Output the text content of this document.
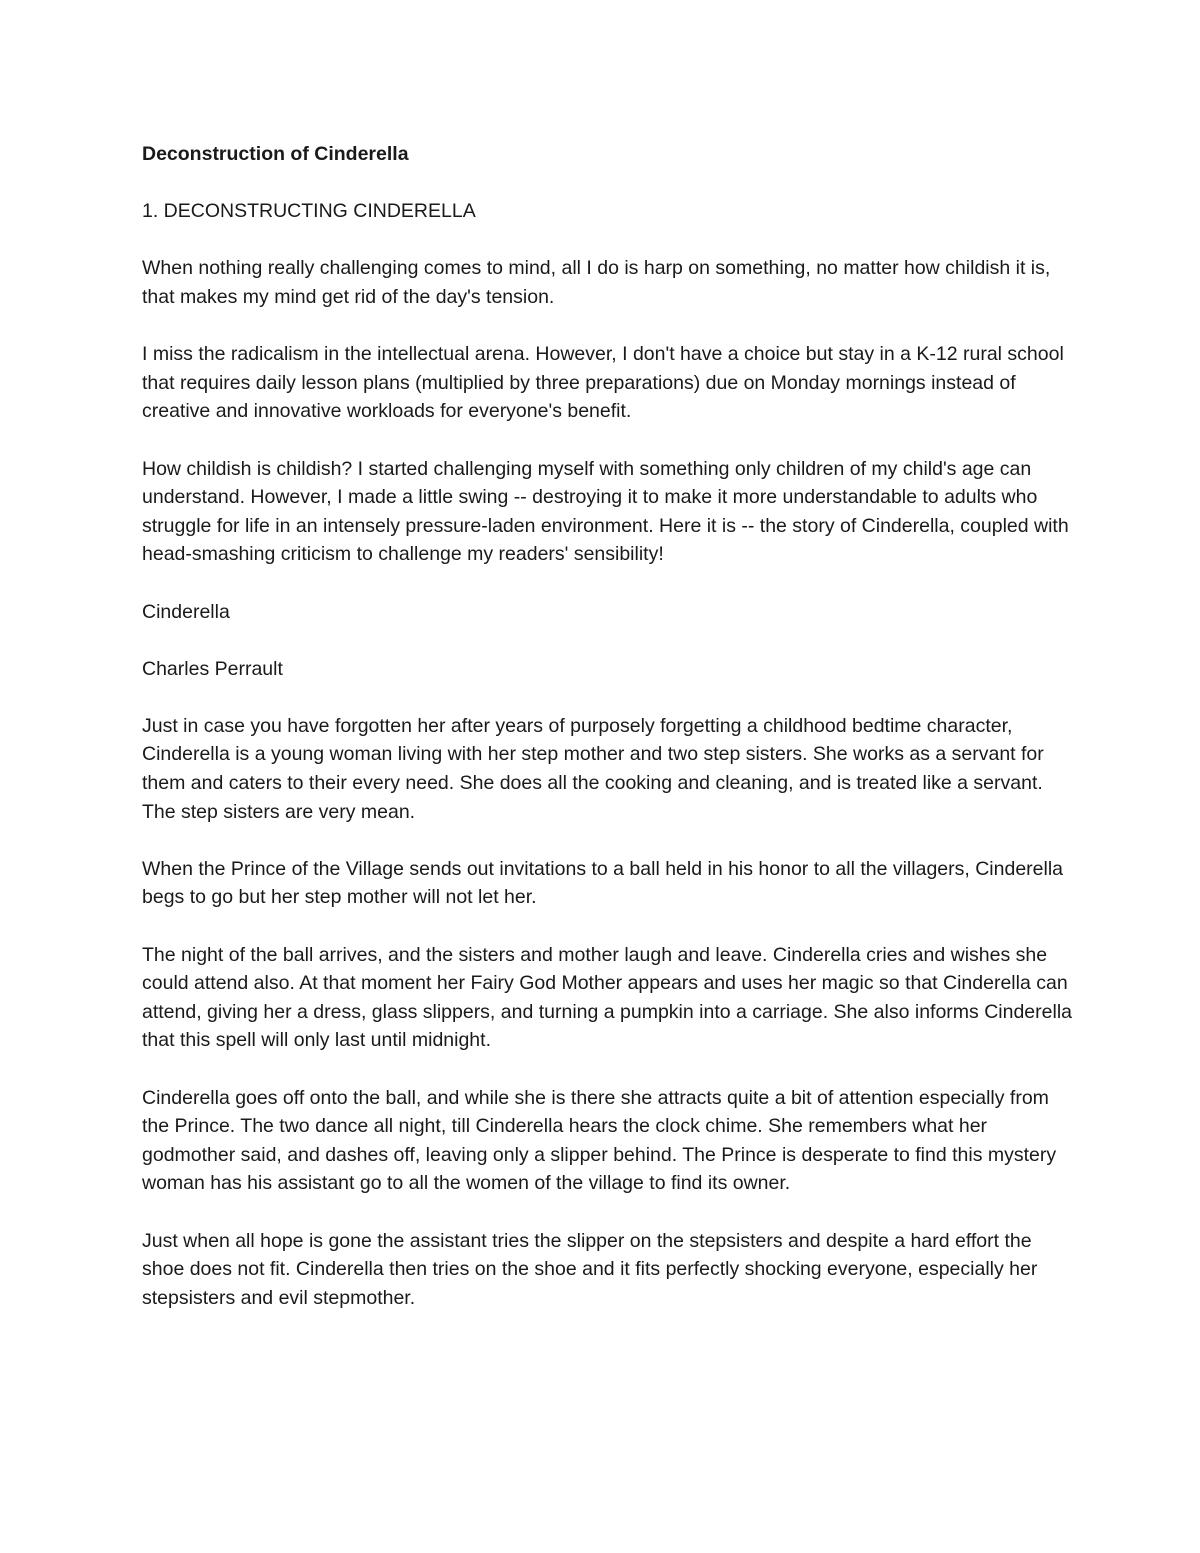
Deconstruction of Cinderella

1. DECONSTRUCTING CINDERELLA

When nothing really challenging comes to mind, all I do is harp on something, no matter how childish it is, that makes my mind get rid of the day's tension.

I miss the radicalism in the intellectual arena. However, I don't have a choice but stay in a K-12 rural school that requires daily lesson plans (multiplied by three preparations) due on Monday mornings instead of creative and innovative workloads for everyone's benefit.

How childish is childish? I started challenging myself with something only children of my child's age can understand. However, I made a little swing -- destroying it to make it more understandable to adults who struggle for life in an intensely pressure-laden environment. Here it is -- the story of Cinderella, coupled with head-smashing criticism to challenge my readers' sensibility!

Cinderella

Charles Perrault

Just in case you have forgotten her after years of purposely forgetting a childhood bedtime character, Cinderella is a young woman living with her step mother and two step sisters. She works as a servant for them and caters to their every need. She does all the cooking and cleaning, and is treated like a servant. The step sisters are very mean.

When the Prince of the Village sends out invitations to a ball held in his honor to all the villagers, Cinderella begs to go but her step mother will not let her.

The night of the ball arrives, and the sisters and mother laugh and leave. Cinderella cries and wishes she could attend also. At that moment her Fairy God Mother appears and uses her magic so that Cinderella can attend, giving her a dress, glass slippers, and turning a pumpkin into a carriage. She also informs Cinderella that this spell will only last until midnight.

Cinderella goes off onto the ball, and while she is there she attracts quite a bit of attention especially from the Prince. The two dance all night, till Cinderella hears the clock chime. She remembers what her godmother said, and dashes off, leaving only a slipper behind. The Prince is desperate to find this mystery woman has his assistant go to all the women of the village to find its owner.

Just when all hope is gone the assistant tries the slipper on the stepsisters and despite a hard effort the shoe does not fit. Cinderella then tries on the shoe and it fits perfectly shocking everyone, especially her stepsisters and evil stepmother.
